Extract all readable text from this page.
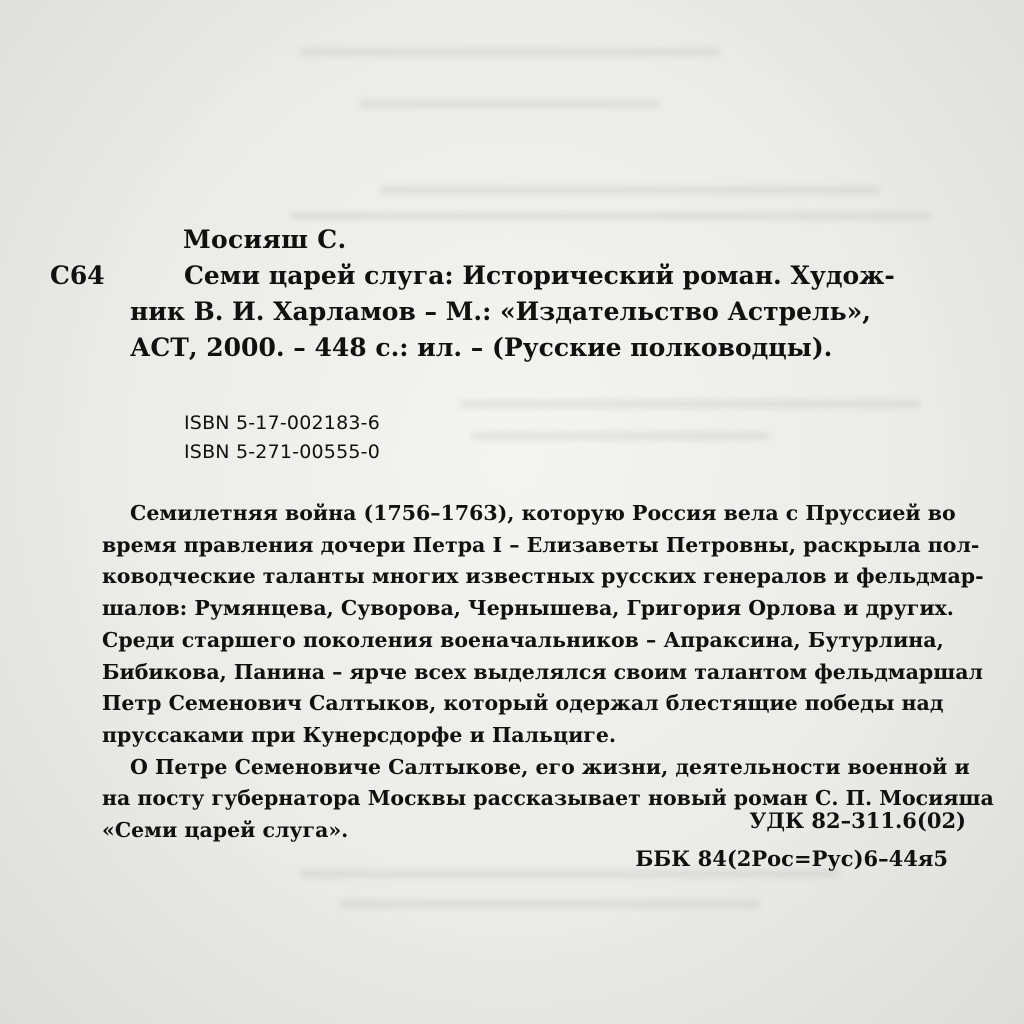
Мосияш С.
С64	Семи царей слуга: Исторический роман. Худож-
ник В. И. Харламов – М.: «Издательство Астрель»,
АСТ, 2000. – 448 с.: ил. – (Русские полководцы).
ISBN 5-17-002183-6
ISBN 5-271-00555-0
Семилетняя война (1756–1763), которую Россия вела с Пруссией во
время правления дочери Петра I – Елизаветы Петровны, раскрыла пол-
ководческие таланты многих известных русских генералов и фельдмар-
шалов: Румянцева, Суворова, Чернышева, Григория Орлова и других.
Среди старшего поколения военачальников – Апраксина, Бутурлина,
Бибикова, Панина – ярче всех выделялся своим талантом фельдмаршал
Петр Семенович Салтыков, который одержал блестящие победы над
пруссаками при Кунерсдорфе и Пальциге.
О Петре Семеновиче Салтыкове, его жизни, деятельности военной и
на посту губернатора Москвы рассказывает новый роман С. П. Мосияша
«Семи царей слуга».	УДК 82–311.6(02)
ББК 84(2Рос=Рус)6–44я5
